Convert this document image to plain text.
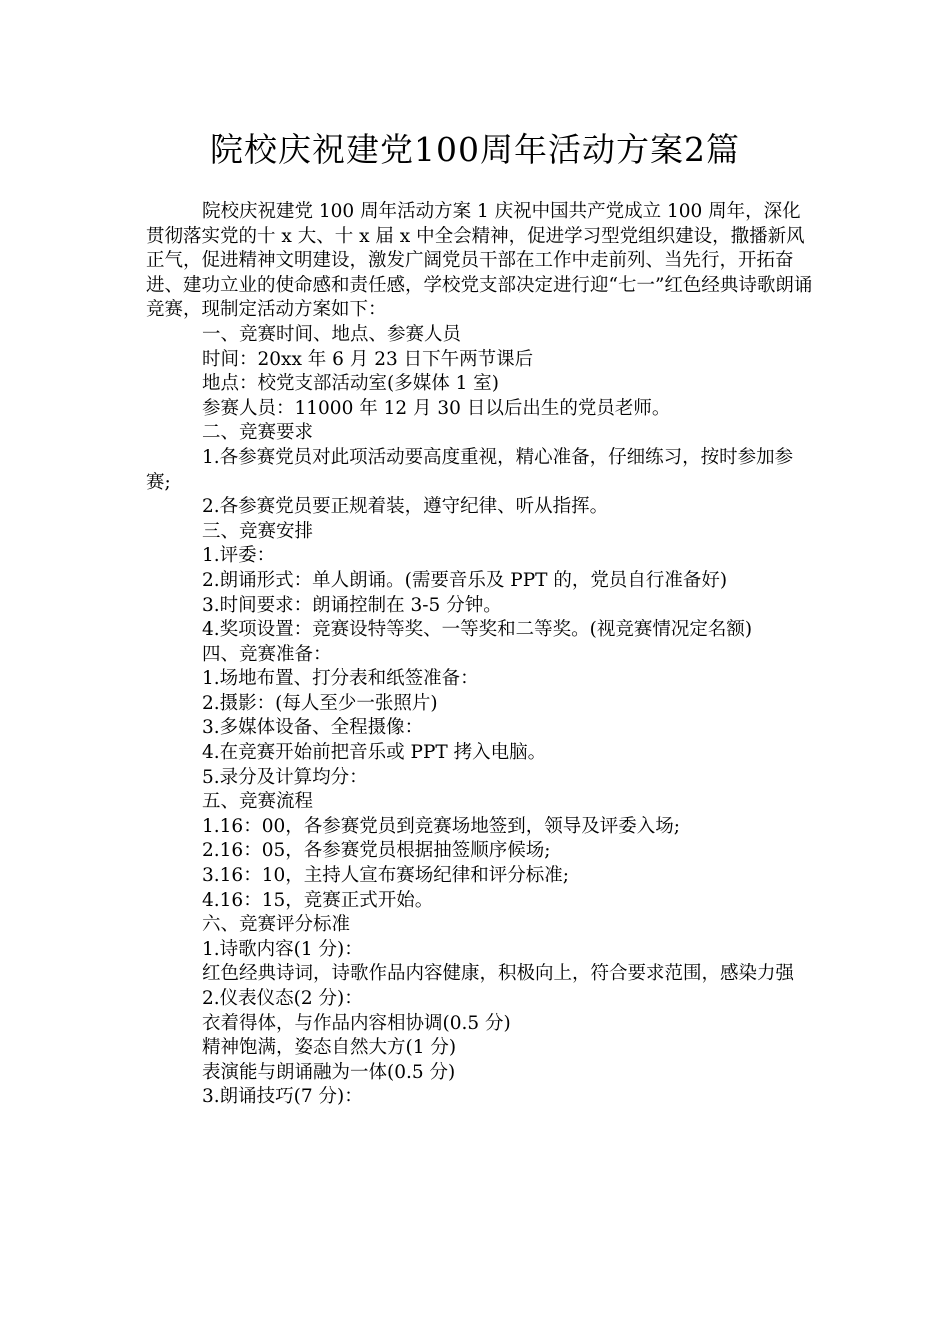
院校庆祝建党100周年活动方案2篇

院校庆祝建党 100 周年活动方案 1 庆祝中国共产党成立 100 周年，深化贯彻落实党的十 x 大、十 x 届 x 中全会精神，促进学习型党组织建设，撒播新风正气，促进精神文明建设，激发广阔党员干部在工作中走前列、当先行，开拓奋进、建功立业的使命感和责任感，学校党支部决定进行迎“七一”红色经典诗歌朗诵竞赛，现制定活动方案如下：

一、竞赛时间、地点、参赛人员

时间：20xx 年 6 月 23 日下午两节课后

地点：校党支部活动室(多媒体 1 室)

参赛人员：11000 年 12 月 30 日以后出生的党员老师。

二、竞赛要求

1.各参赛党员对此项活动要高度重视，精心准备，仔细练习，按时参加参赛;

2.各参赛党员要正规着装，遵守纪律、听从指挥。

三、竞赛安排

1.评委：

2.朗诵形式：单人朗诵。(需要音乐及 PPT 的，党员自行准备好)

3.时间要求：朗诵控制在 3-5 分钟。

4.奖项设置：竞赛设特等奖、一等奖和二等奖。(视竞赛情况定名额)

四、竞赛准备：

1.场地布置、打分表和纸签准备：

2.摄影：(每人至少一张照片)

3.多媒体设备、全程摄像：

4.在竞赛开始前把音乐或 PPT 拷入电脑。

5.录分及计算均分：

五、竞赛流程

1.16：00，各参赛党员到竞赛场地签到，领导及评委入场;

2.16：05，各参赛党员根据抽签顺序候场;

3.16：10，主持人宣布赛场纪律和评分标准;

4.16：15，竞赛正式开始。

六、竞赛评分标准

1.诗歌内容(1 分)：

红色经典诗词，诗歌作品内容健康，积极向上，符合要求范围，感染力强

2.仪表仪态(2 分)：

衣着得体，与作品内容相协调(0.5 分)

精神饱满，姿态自然大方(1 分)

表演能与朗诵融为一体(0.5 分)

3.朗诵技巧(7 分)：
